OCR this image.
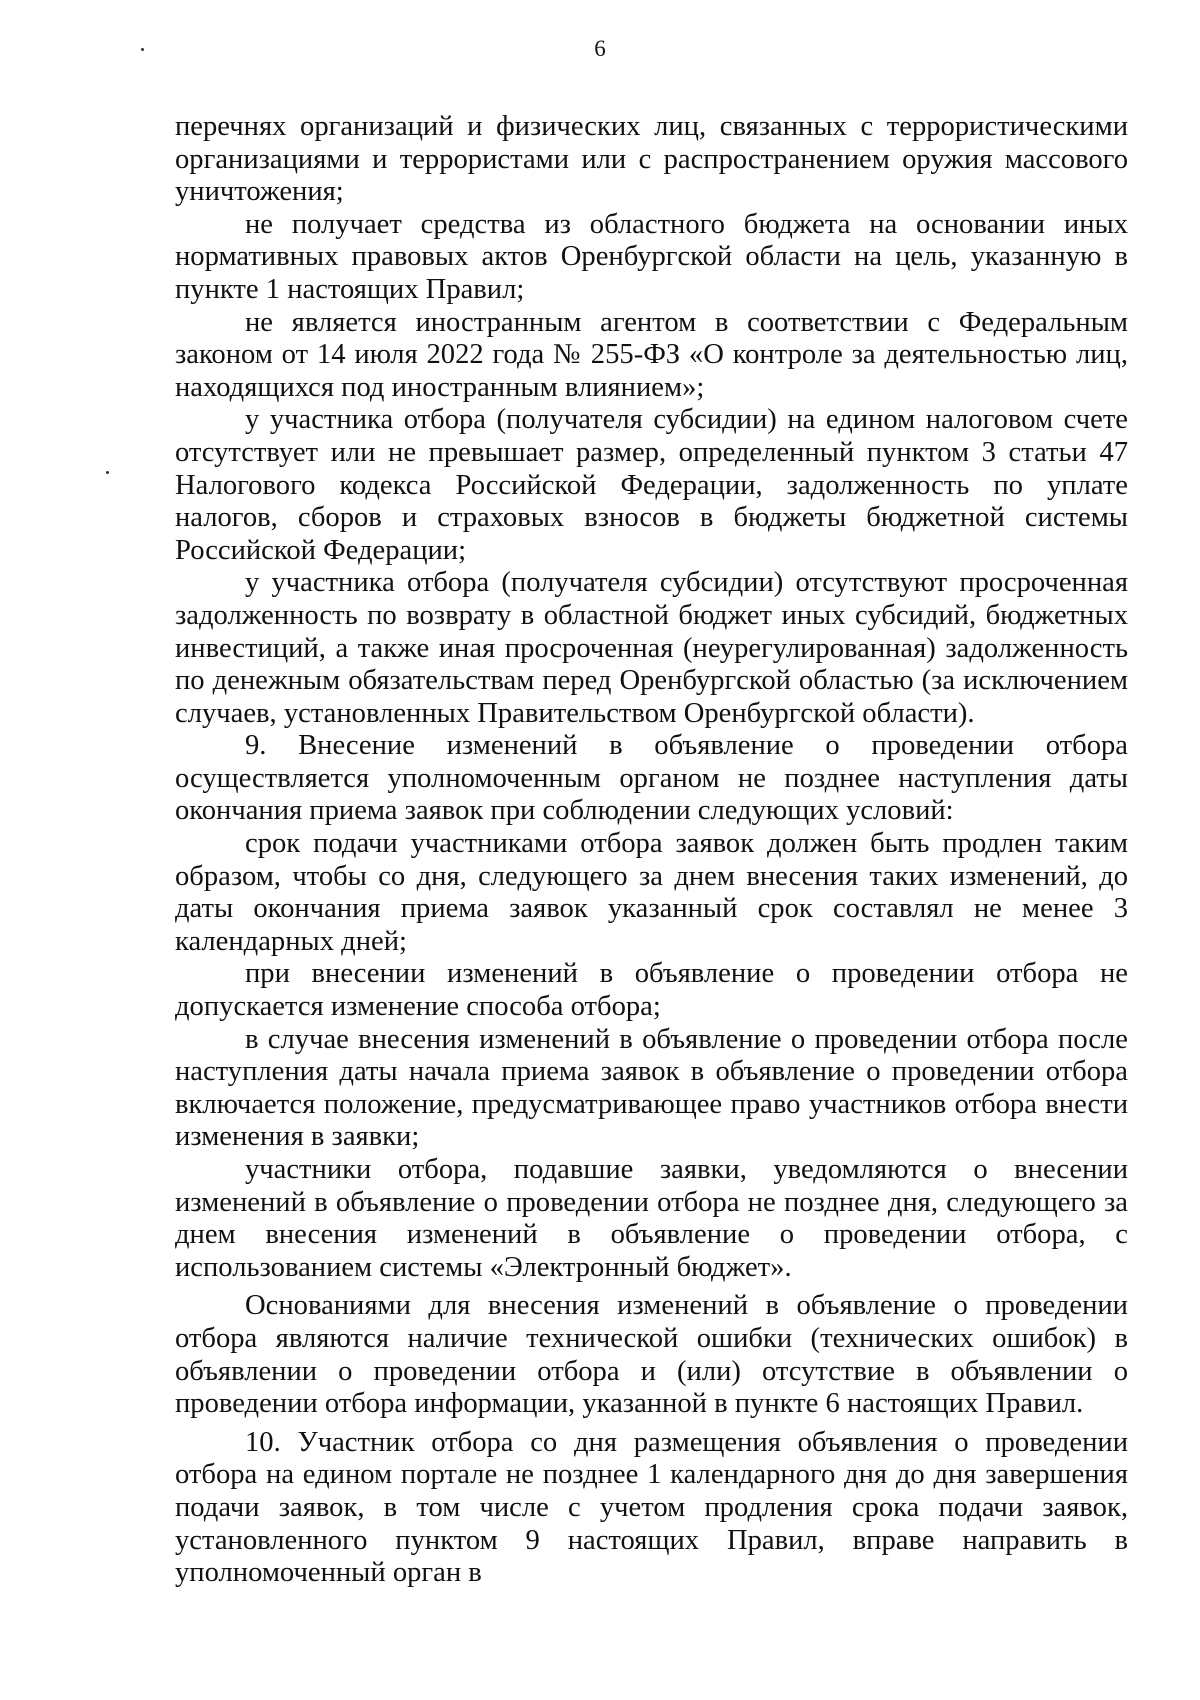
6

перечнях организаций и физических лиц, связанных с террористическими организациями и террористами или с распространением оружия массового уничтожения;

не получает средства из областного бюджета на основании иных нормативных правовых актов Оренбургской области на цель, указанную в пункте 1 настоящих Правил;

не является иностранным агентом в соответствии с Федеральным законом от 14 июля 2022 года № 255-ФЗ «О контроле за деятельностью лиц, находящихся под иностранным влиянием»;

у участника отбора (получателя субсидии) на едином налоговом счете отсутствует или не превышает размер, определенный пунктом 3 статьи 47 Налогового кодекса Российской Федерации, задолженность по уплате налогов, сборов и страховых взносов в бюджеты бюджетной системы Российской Федерации;

у участника отбора (получателя субсидии) отсутствуют просроченная задолженность по возврату в областной бюджет иных субсидий, бюджетных инвестиций, а также иная просроченная (неурегулированная) задолженность по денежным обязательствам перед Оренбургской областью (за исключением случаев, установленных Правительством Оренбургской области).

9. Внесение изменений в объявление о проведении отбора осуществляется уполномоченным органом не позднее наступления даты окончания приема заявок при соблюдении следующих условий:

срок подачи участниками отбора заявок должен быть продлен таким образом, чтобы со дня, следующего за днем внесения таких изменений, до даты окончания приема заявок указанный срок составлял не менее 3 календарных дней;

при внесении изменений в объявление о проведении отбора не допускается изменение способа отбора;

в случае внесения изменений в объявление о проведении отбора после наступления даты начала приема заявок в объявление о проведении отбора включается положение, предусматривающее право участников отбора внести изменения в заявки;

участники отбора, подавшие заявки, уведомляются о внесении изменений в объявление о проведении отбора не позднее дня, следующего за днем внесения изменений в объявление о проведении отбора, с использованием системы «Электронный бюджет».

Основаниями для внесения изменений в объявление о проведении отбора являются наличие технической ошибки (технических ошибок) в объявлении о проведении отбора и (или) отсутствие в объявлении о проведении отбора информации, указанной в пункте 6 настоящих Правил.

10. Участник отбора со дня размещения объявления о проведении отбора на едином портале не позднее 1 календарного дня до дня завершения подачи заявок, в том числе с учетом продления срока подачи заявок, установленного пунктом 9 настоящих Правил, вправе направить в уполномоченный орган в
